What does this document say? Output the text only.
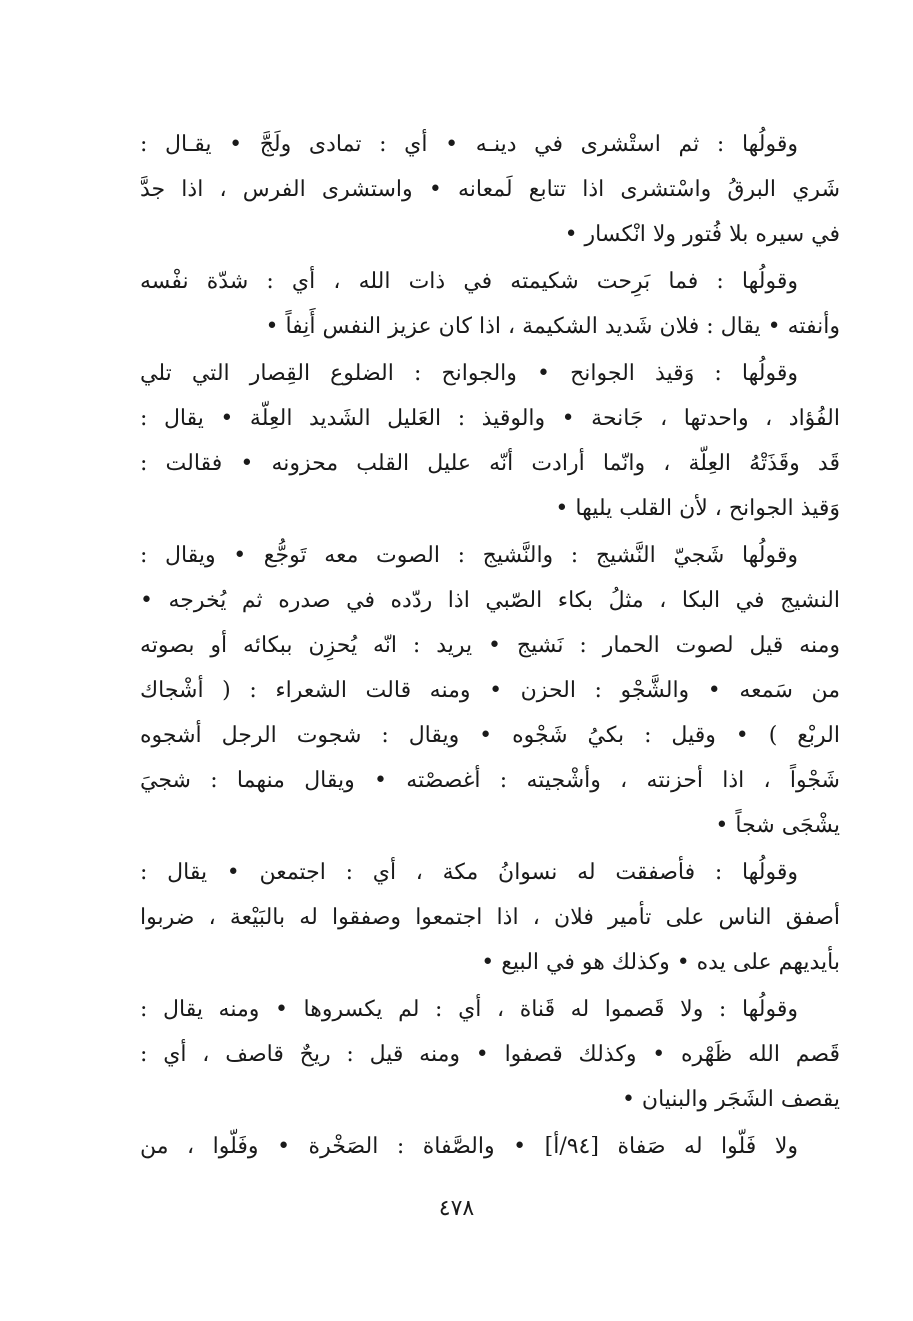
وقولُها : ثم استْشرى في دينـه • أي : تمادى ولَجَّ • يقـال :
شَري البرقُ واسْتشرى اذا تتابع لَمعانه • واستشرى الفرس ، اذا جدَّ
في سيره بلا فُتور ولا انْكسار •
وقولُها : فما بَرِحت شكيمته في ذات الله ، أي : شدّة نفْسه
وأنفته • يقال : فلان شَديد الشكيمة ، اذا كان عزيز النفس أَنِفاً •
وقولُها : وَقيذ الجوانح • والجوانح : الضلوع القِصار التي تلي
الفُؤاد ، واحدتها ، جَانحة • والوقيذ : العَليل الشَديد العِلّة • يقال :
قَد وقَذَتْهُ العِلّة ، وانّما أرادت أنّه عليل القلب محزونه • فقالت :
وَقيذ الجوانح ، لأن القلب يليها •
وقولُها شَجيّ النَّشيج : والنَّشيج : الصوت معه تَوجُّع • ويقال :
النشيج في البكا ، مثلُ بكاء الصّبي اذا ردّده في صدره ثم يُخرجه •
ومنه قيل لصوت الحمار : نَشيج • يريد : انّه يُحزِن ببكائه أو بصوته
من سَمعه • والشَّجْو : الحزن • ومنه قالت الشعراء : ( أشْجاك
الربْع ) • وقيل : بكيُ شَجْوه • ويقال : شجوت الرجل أشجوه
شَجْواً ، اذا أحزنته ، وأشْجيته : أغصصْته • ويقال منهما : شجيَ
يشْجَى شجاً •
وقولُها : فأصفقت له نسوانُ مكة ، أي : اجتمعن • يقال :
أصفق الناس على تأمير فلان ، اذا اجتمعوا وصفقوا له بالبَيْعة ، ضربوا
بأيديهم على يده • وكذلك هو في البيع •
وقولُها : ولا قَصموا له قَناة ، أي : لم يكسروها • ومنه يقال :
قَصم الله ظَهْره • وكذلك قصفوا • ومنه قيل : ريحٌ قاصف ، أي :
يقصف الشَجَر والبنيان •
ولا فَلّوا له صَفاة [٩٤/أ] • والصَّفاة : الصَخْرة • وفَلّوا ، من
٤٧٨
